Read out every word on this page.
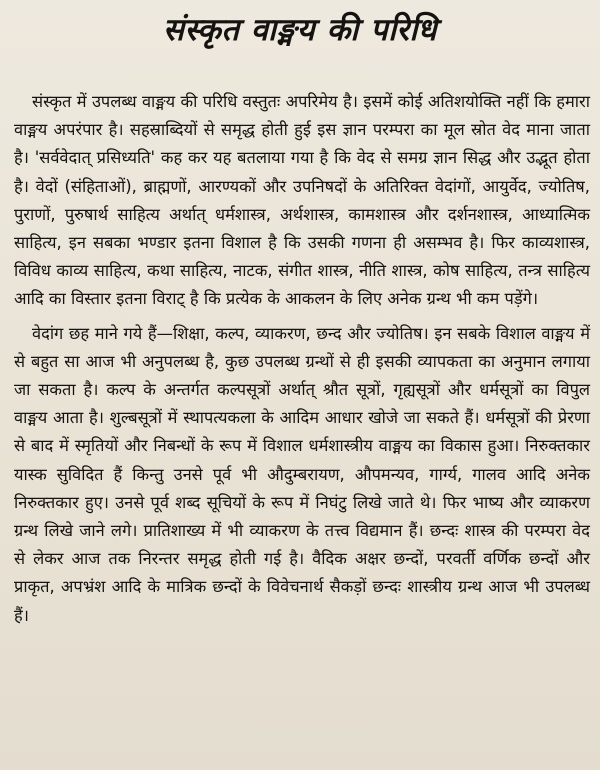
संस्कृत वाङ्मय की परिधि

संस्कृत में उपलब्ध वाङ्मय की परिधि वस्तुतः अपरिमेय है। इसमें कोई अतिशयोक्ति नहीं कि हमारा वाङ्मय अपरंपार है। सहस्राब्दियों से समृद्ध होती हुई इस ज्ञान परम्परा का मूल स्रोत वेद माना जाता है। 'सर्ववेदात् प्रसिध्यति' कह कर यह बतलाया गया है कि वेद से समग्र ज्ञान सिद्ध और उद्भूत होता है। वेदों (संहिताओं), ब्राह्मणों, आरण्यकों और उपनिषदों के अतिरिक्त वेदांगों, आयुर्वेद, ज्योतिष, पुराणों, पुरुषार्थ साहित्य अर्थात् धर्मशास्त्र, अर्थशास्त्र, कामशास्त्र और दर्शनशास्त्र, आध्यात्मिक साहित्य, इन सबका भण्डार इतना विशाल है कि उसकी गणना ही असम्भव है। फिर काव्यशास्त्र, विविध काव्य साहित्य, कथा साहित्य, नाटक, संगीत शास्त्र, नीति शास्त्र, कोष साहित्य, तन्त्र साहित्य आदि का विस्तार इतना विराट् है कि प्रत्येक के आकलन के लिए अनेक ग्रन्थ भी कम पड़ेंगे।

वेदांग छह माने गये हैं—शिक्षा, कल्प, व्याकरण, छन्द और ज्योतिष। इन सबके विशाल वाङ्मय में से बहुत सा आज भी अनुपलब्ध है, कुछ उपलब्ध ग्रन्थों से ही इसकी व्यापकता का अनुमान लगाया जा सकता है। कल्प के अन्तर्गत कल्पसूत्रों अर्थात् श्रौत सूत्रों, गृह्यसूत्रों और धर्मसूत्रों का विपुल वाङ्मय आता है। शुल्बसूत्रों में स्थापत्यकला के आदिम आधार खोजे जा सकते हैं। धर्मसूत्रों की प्रेरणा से बाद में स्मृतियों और निबन्धों के रूप में विशाल धर्मशास्त्रीय वाङ्मय का विकास हुआ। निरुक्तकार यास्क सुविदित हैं किन्तु उनसे पूर्व भी औदुम्बरायण, औपमन्यव, गार्ग्य, गालव आदि अनेक निरुक्तकार हुए। उनसे पूर्व शब्द सूचियों के रूप में निघंटु लिखे जाते थे। फिर भाष्य और व्याकरण ग्रन्थ लिखे जाने लगे। प्रातिशाख्य में भी व्याकरण के तत्त्व विद्यमान हैं। छन्दः शास्त्र की परम्परा वेद से लेकर आज तक निरन्तर समृद्ध होती गई है। वैदिक अक्षर छन्दों, परवर्ती वर्णिक छन्दों और प्राकृत, अपभ्रंश आदि के मात्रिक छन्दों के विवेचनार्थ सैकड़ों छन्दः शास्त्रीय ग्रन्थ आज भी उपलब्ध हैं।
